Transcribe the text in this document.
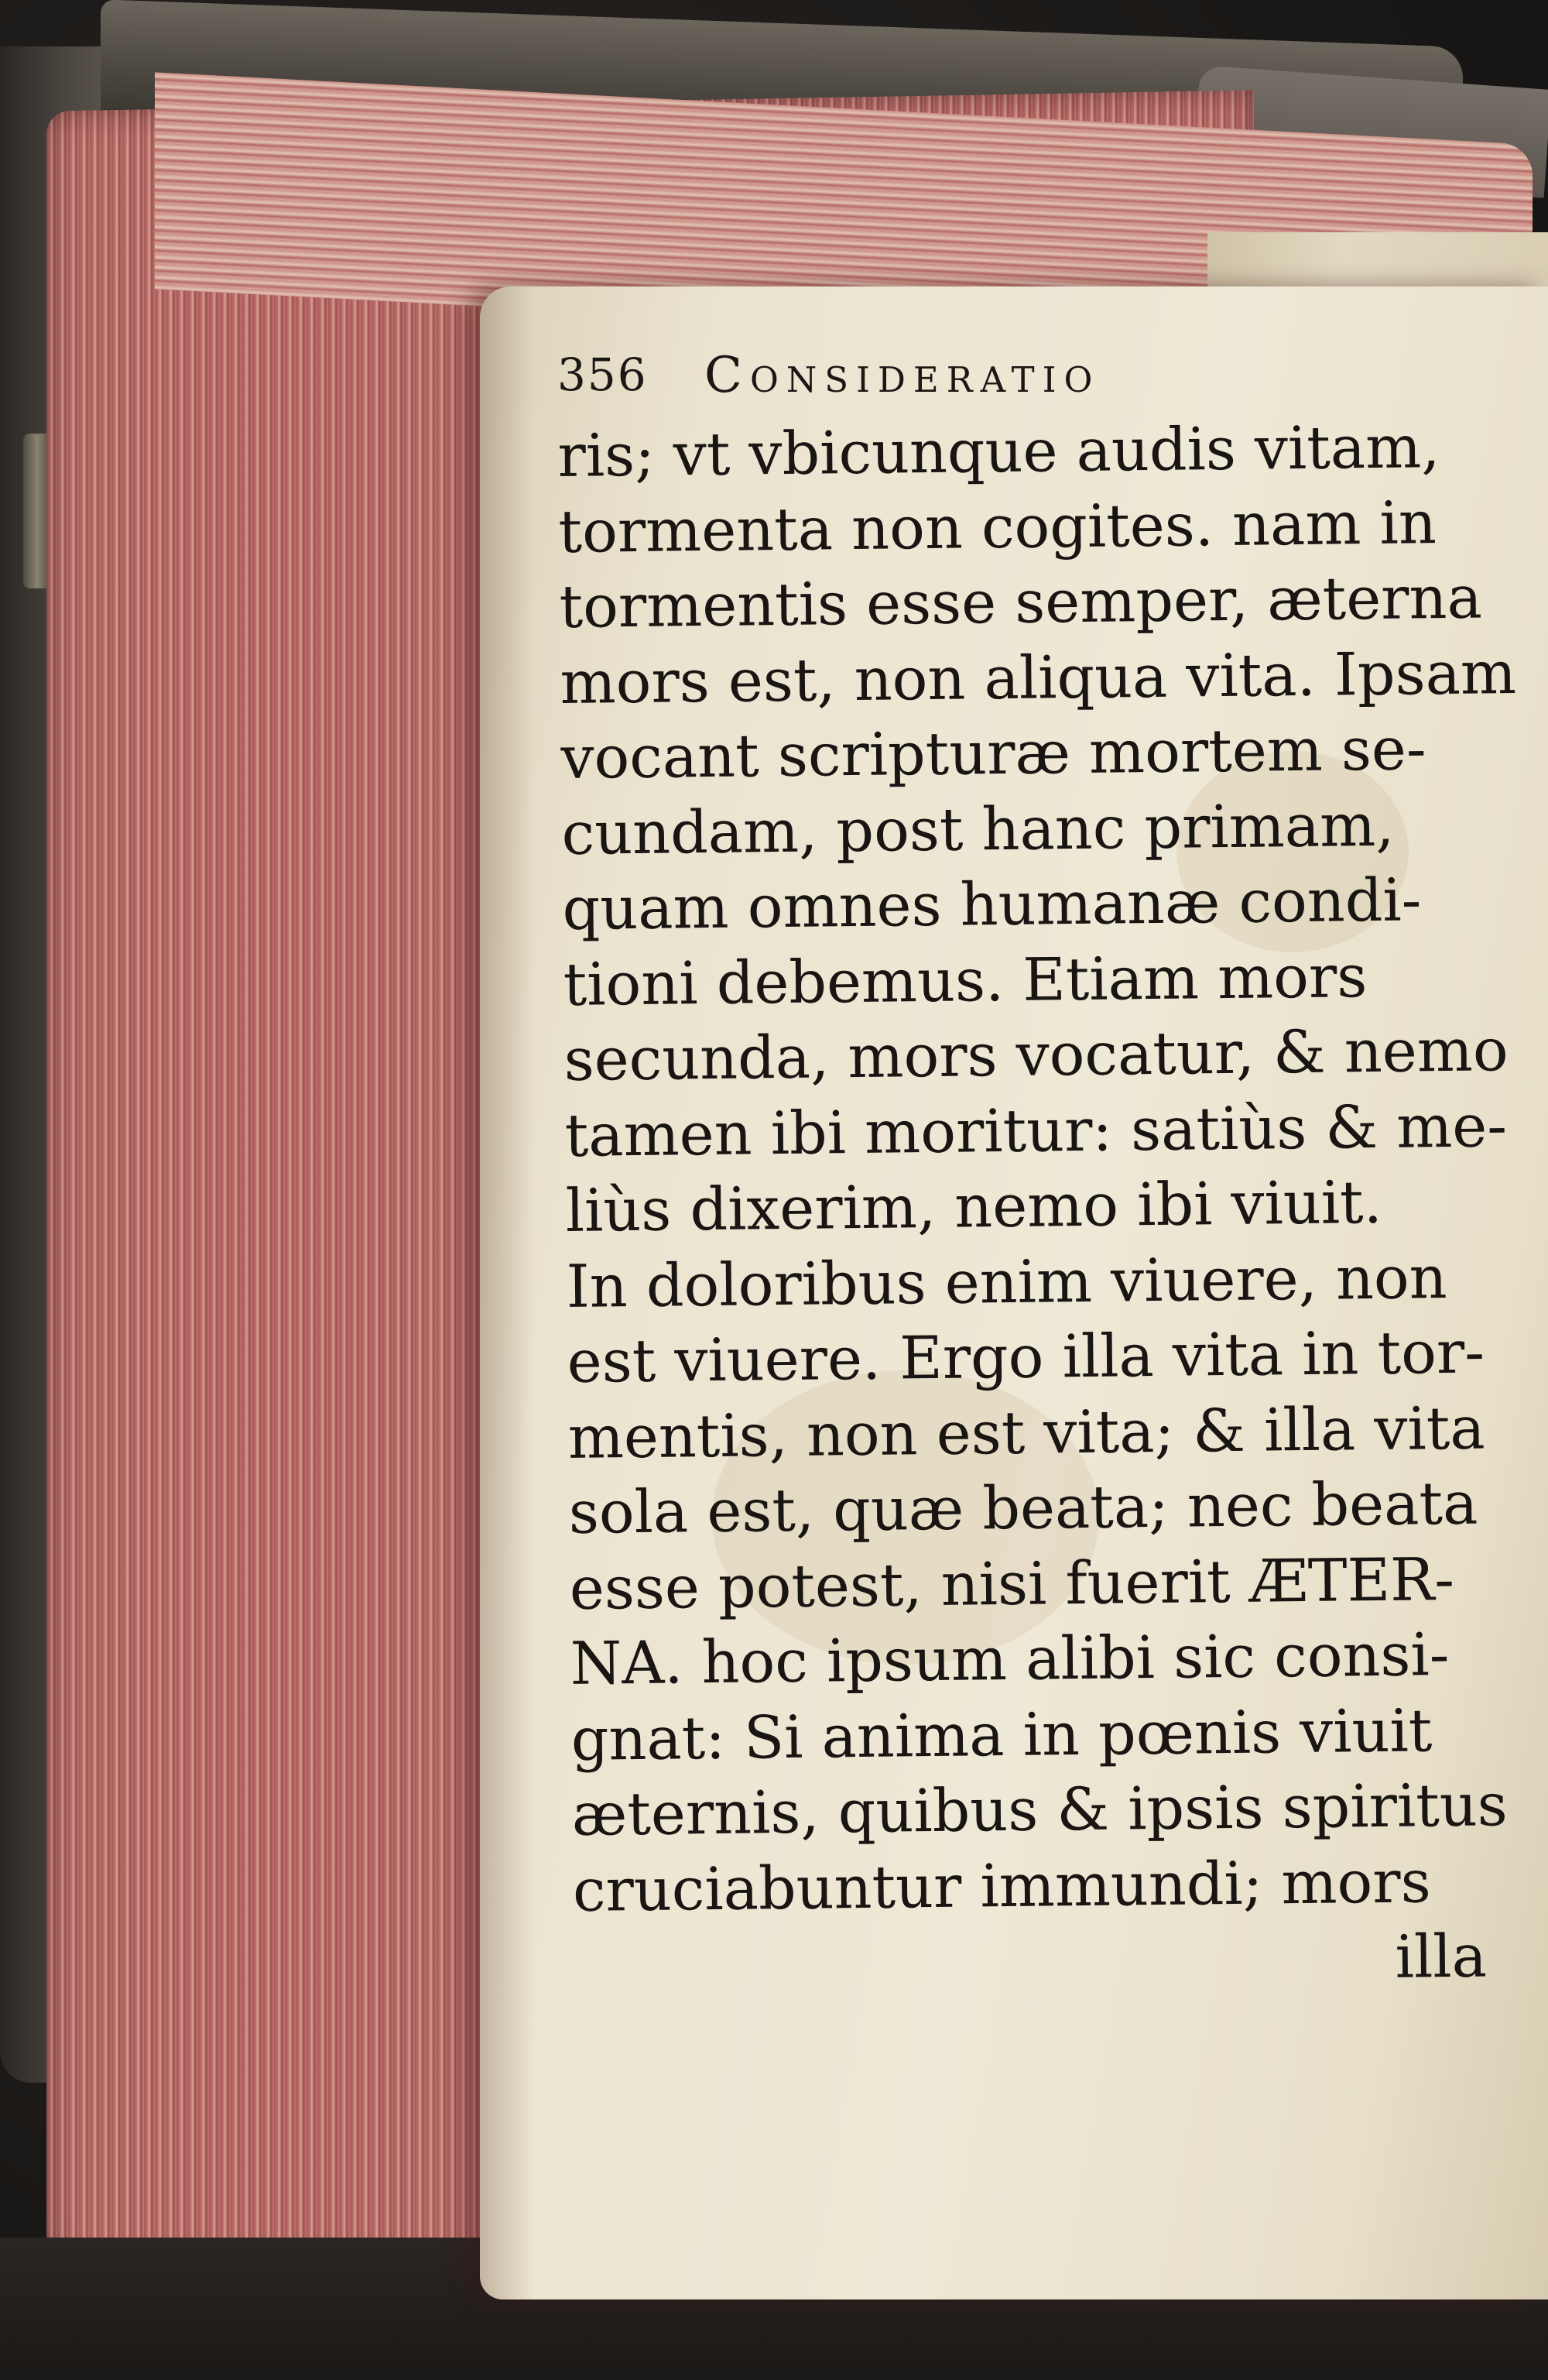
356 Consideratio
ris; vt vbicunque audis vitam,
tormenta non cogites. nam in
tormentis esse semper, æterna
mors est, non aliqua vita. Ipsam
vocant scripturæ mortem se-
cundam, post hanc primam,
quam omnes humanæ condi-
tioni debemus. Etiam mors
secunda, mors vocatur, & nemo
tamen ibi moritur: satiùs & me-
liùs dixerim, nemo ibi viuit.
In doloribus enim viuere, non
est viuere. Ergo illa vita in tor-
mentis, non est vita; & illa vita
sola est, quæ beata; nec beata
esse potest, nisi fuerit ÆTER-
NA. hoc ipsum alibi sic consi-
gnat: Si anima in pœnis viuit
æternis, quibus & ipsis spiritus
cruciabuntur immundi; mors
illa
